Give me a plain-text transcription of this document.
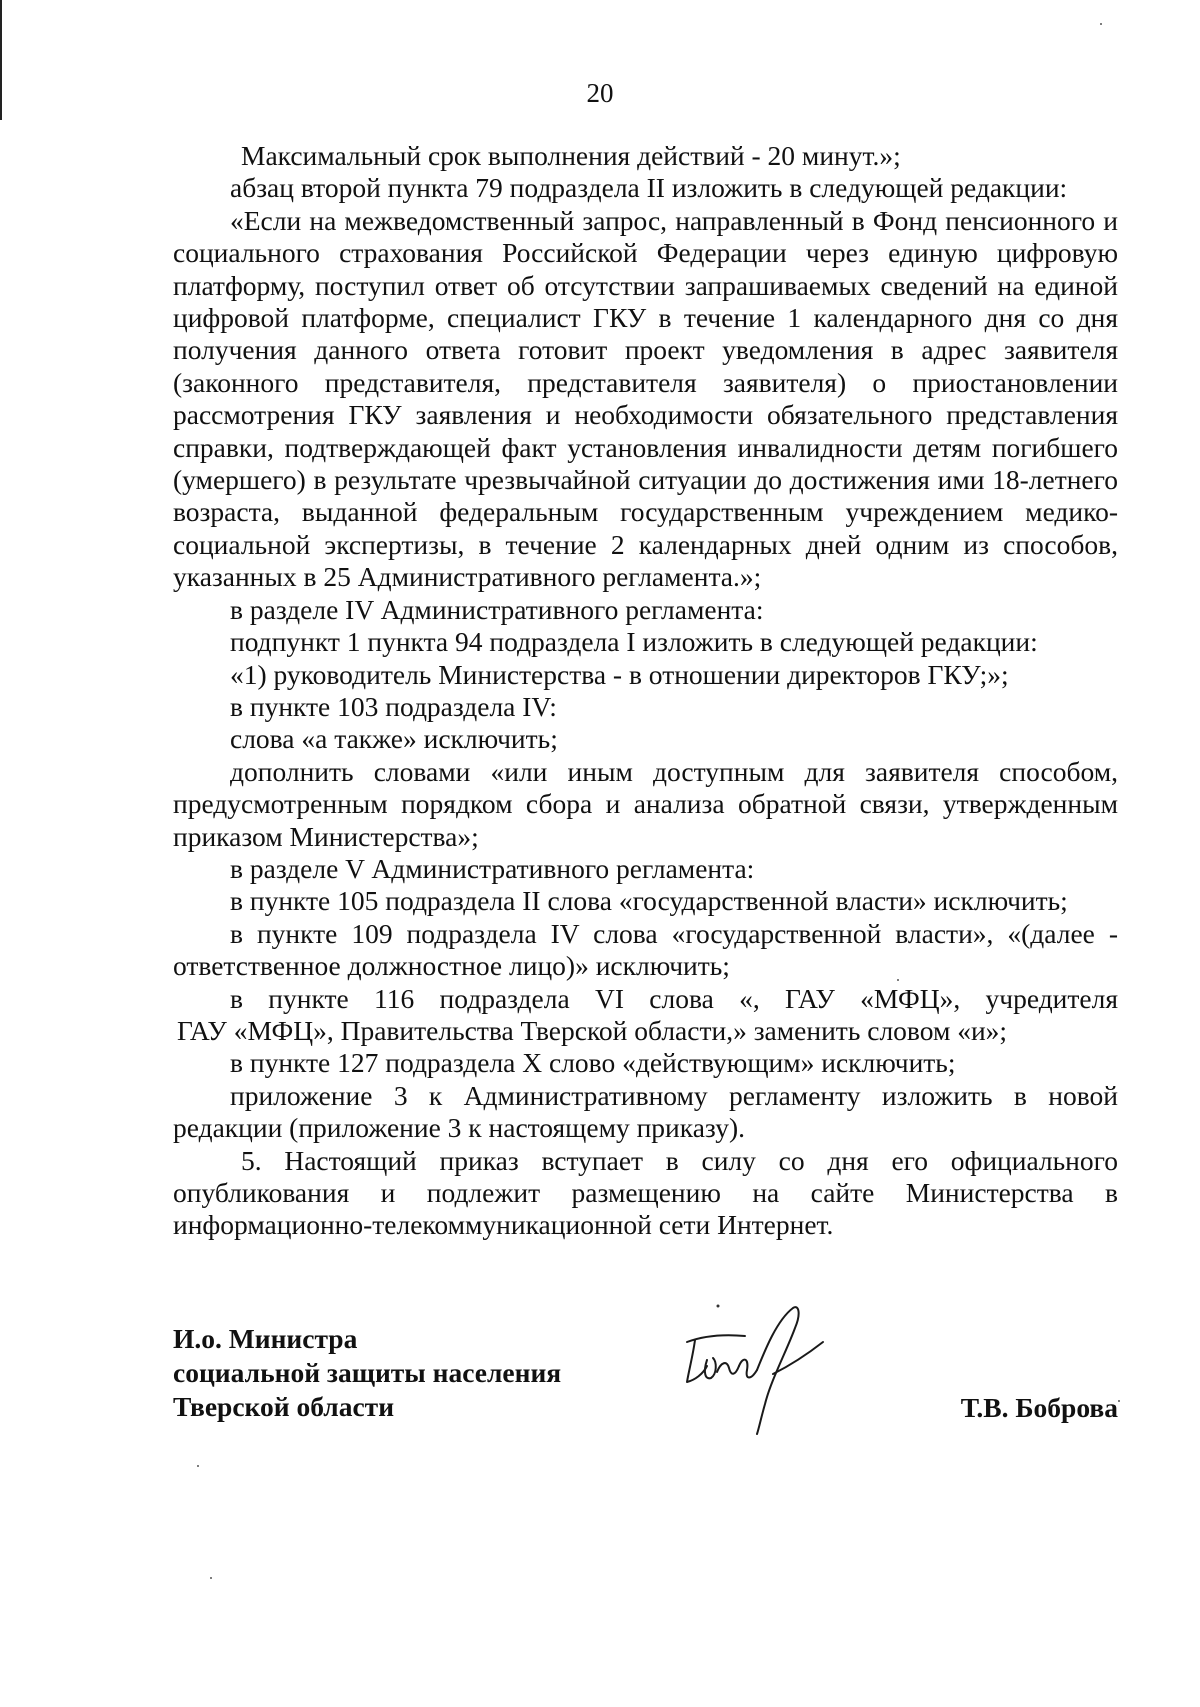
20

Максимальный срок выполнения действий - 20 минут.»;

абзац второй пункта 79 подраздела II изложить в следующей редакции:

«Если на межведомственный запрос, направленный в Фонд пенсионного и социального страхования Российской Федерации через единую цифровую платформу, поступил ответ об отсутствии запрашиваемых сведений на единой цифровой платформе, специалист ГКУ в течение 1 календарного дня со дня получения данного ответа готовит проект уведомления в адрес заявителя (законного представителя, представителя заявителя) о приостановлении рассмотрения ГКУ заявления и необходимости обязательного представления справки, подтверждающей факт установления инвалидности детям погибшего (умершего) в результате чрезвычайной ситуации до достижения ими 18-летнего возраста, выданной федеральным государственным учреждением медико-социальной экспертизы, в течение 2 календарных дней одним из способов, указанных в 25 Административного регламента.»;

в разделе IV Административного регламента:

подпункт 1 пункта 94 подраздела I изложить в следующей редакции:

«1) руководитель Министерства - в отношении директоров ГКУ;»;

в пункте 103 подраздела IV:

слова «а также» исключить;

дополнить словами «или иным доступным для заявителя способом, предусмотренным порядком сбора и анализа обратной связи, утвержденным приказом Министерства»;

в разделе V Административного регламента:

в пункте 105 подраздела II слова «государственной власти» исключить;

в пункте 109 подраздела IV слова «государственной власти», «(далее - ответственное должностное лицо)» исключить;

в пункте 116 подраздела VI слова «, ГАУ «МФЦ», учредителя

ГАУ «МФЦ», Правительства Тверской области,» заменить словом «и»;

в пункте 127 подраздела X слово «действующим» исключить;

приложение 3 к Административному регламенту изложить в новой редакции (приложение 3 к настоящему приказу).

5. Настоящий приказ вступает в силу со дня его официального опубликования и подлежит размещению на сайте Министерства в информационно-телекоммуникационной сети Интернет.

И.о. Министра
социальной защиты населения
Тверской области	Т.В. Боброва
